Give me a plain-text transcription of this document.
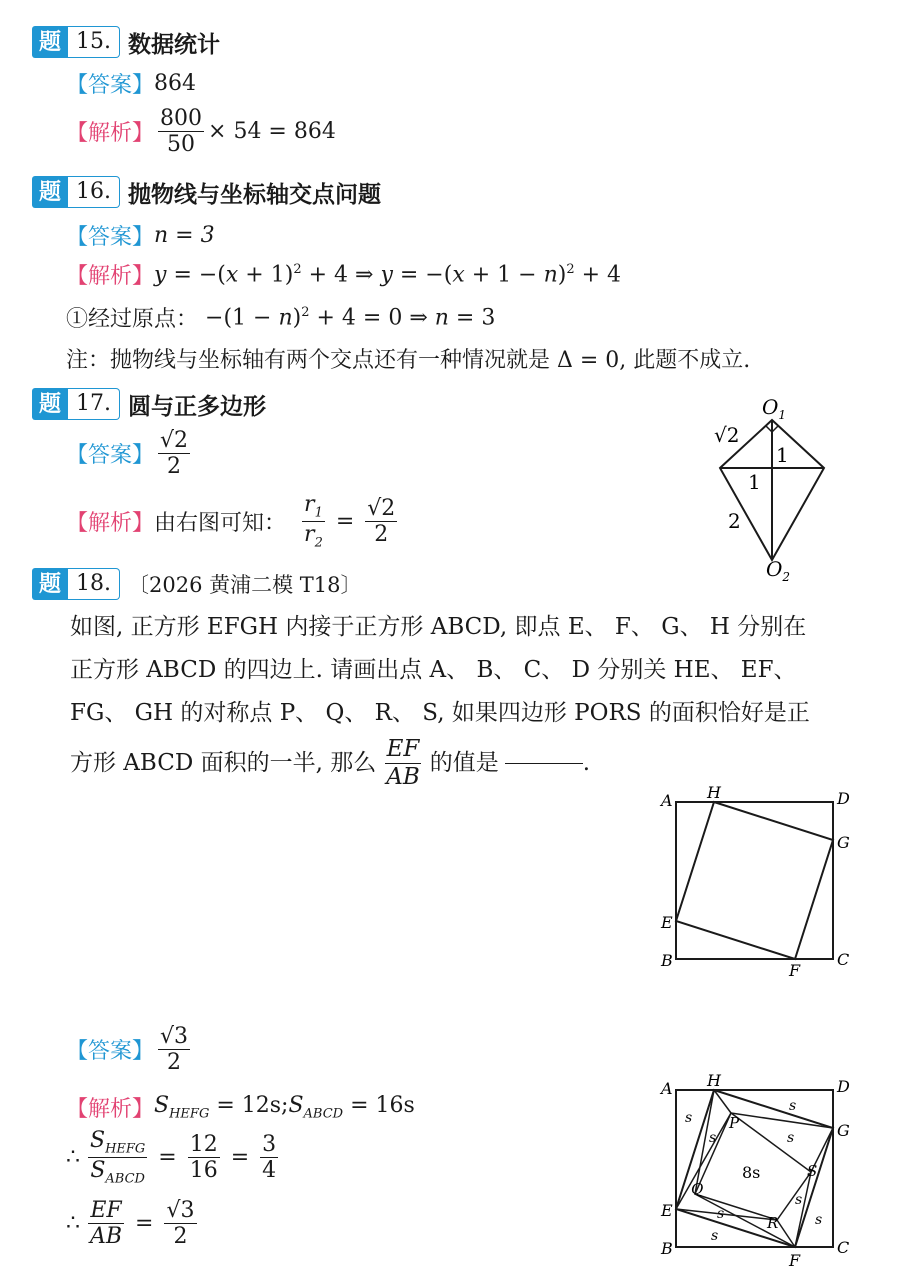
题 15. 数据统计
【答案】 864
【解析】 $\frac{800}{50} \times 54 = 864$
题 16. 抛物线与坐标轴交点问题
【答案】 n = 3
【解析】 $y = -(x + 1)^2 + 4$ ⇒ $y = -(x + 1 - n)^2 + 4$
①经过原点： $-(1 - n)^2 + 4 = 0$ ⇒ n = 3
注：抛物线与坐标轴有两个交点还有一种情况就是 Δ = 0, 此题不成立.
题 17. 圆与正多边形
【答案】 $\frac{√2}{2}$
【解析】 由右图可知： $\frac{r_1}{r_2} = \frac{√2}{2}$
$O_1$
$O_2$
√2
1
1
2
题 18. 〔2026 黄浦二模 T18〕
如图, 正方形 EFGH 内接于正方形 ABCD, 即点 E、 F、 G、 H 分别在
正方形 ABCD 的四边上. 请画出点 A、 B、 C、 D 分别关 HE、 EF、
FG、 GH 的对称点 P、 Q、 R、 S, 如果四边形 PORS 的面积恰好是正
方形 ABCD 面积的一半, 那么 $\frac{EF}{AB}$ 的值是	.
A
B	C
D
E
F
G
H
【答案】 $\frac{√3}{2}$
【解析】 $S_{HEFG} = 12s$; $S_{ABCD} = 16s$
∴ $\frac{S_{HEFG}}{S_{ABCD}} = \frac{12}{16} = \frac{3}{4}$
∴ $\frac{EF}{AB} = \frac{√3}{2}$
A
B	C
D
E
F
G
H
P
Q
R
S
8s
s
s
s
s
s
s
s
s
